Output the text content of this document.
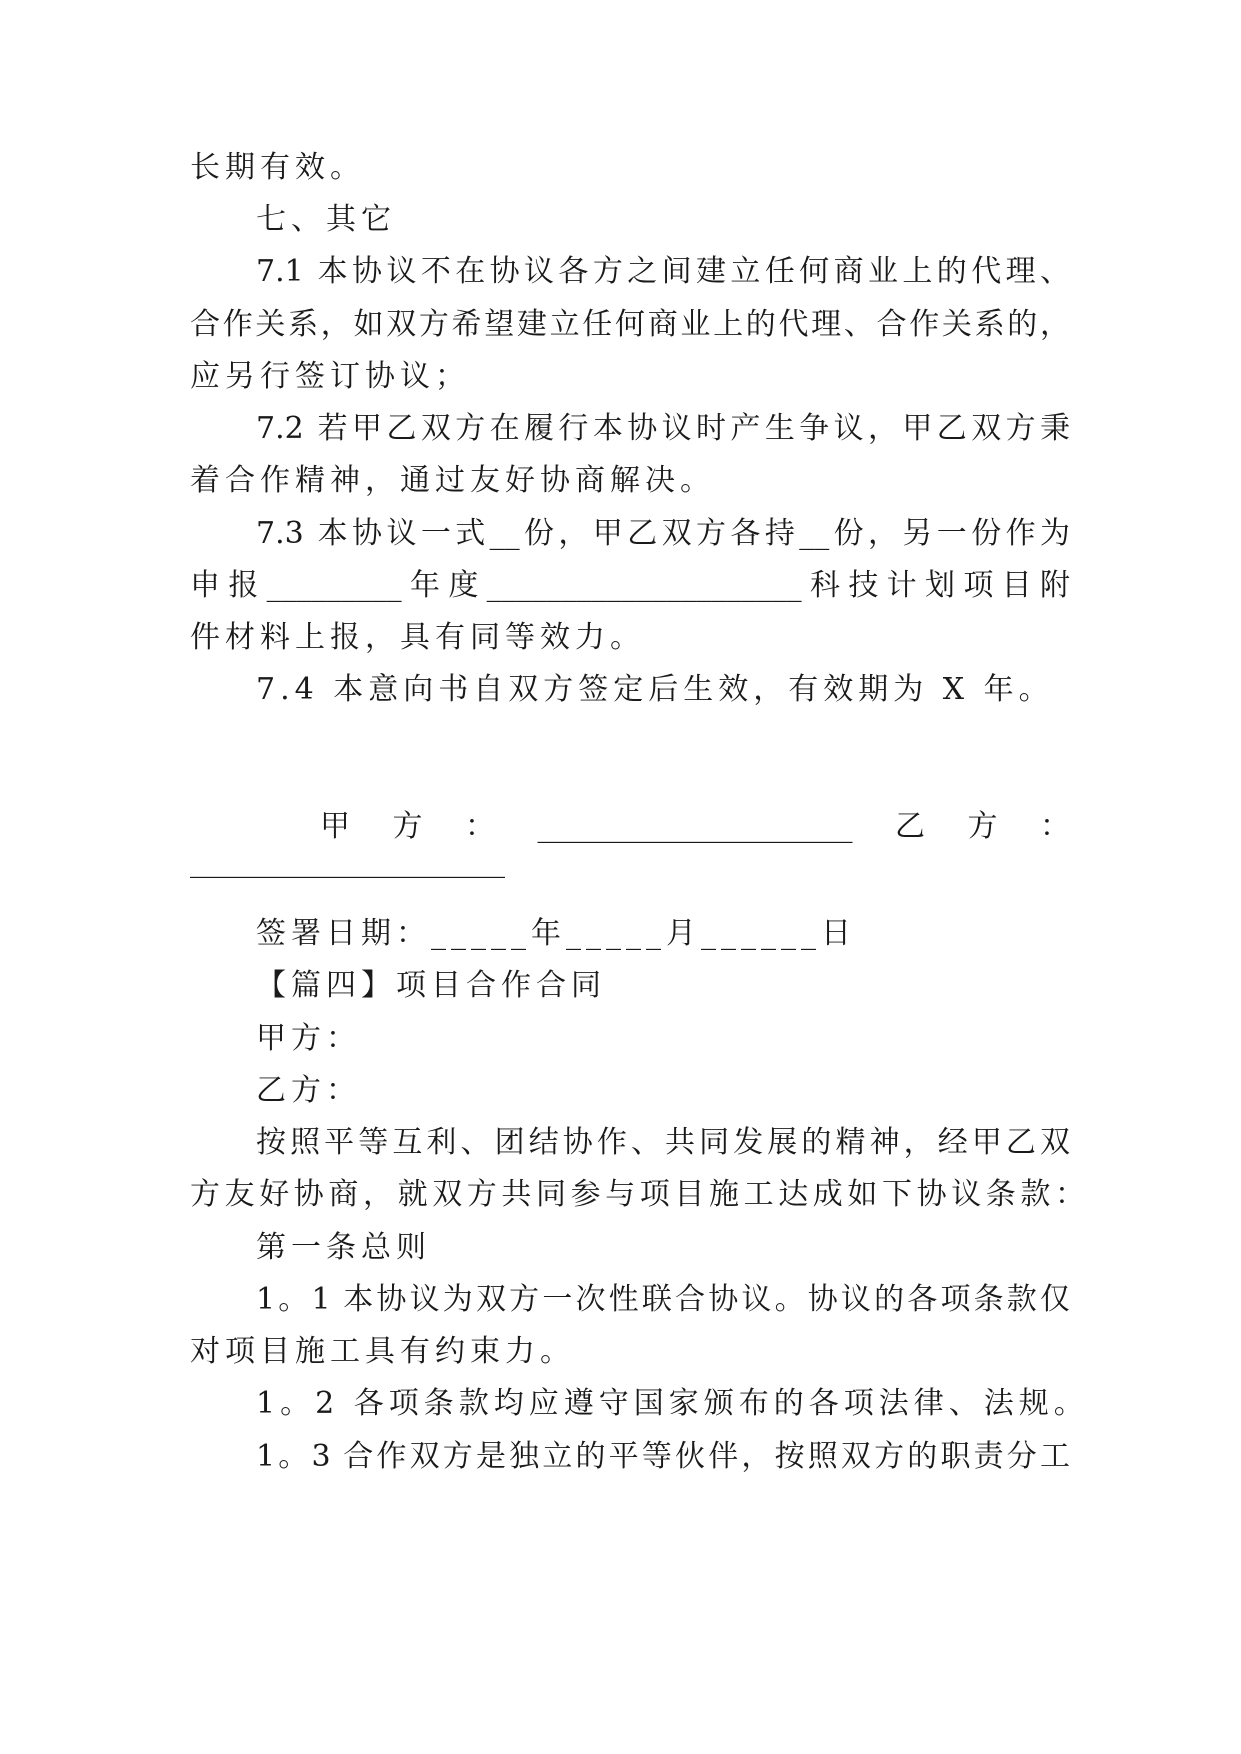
长期有效。
七、其它
7.1 本协议不在协议各方之间建立任何商业上的代理、
合作关系，如双方希望建立任何商业上的代理、合作关系的，
应另行签订协议；
7.2 若甲乙双方在履行本协议时产生争议，甲乙双方秉
着合作精神，通过友好协商解决。
7.3 本协议一式__份，甲乙双方各持__份，另一份作为
申报_________年度_____________________科技计划项目附
件材料上报，具有同等效力。
7.4 本意向书自双方签定后生效，有效期为 X 年。
甲 方 ： _____________________ 乙 方 ：
_____________________
签署日期：_____年_____月______日
【篇四】项目合作合同
甲方：
乙方：
按照平等互利、团结协作、共同发展的精神，经甲乙双
方友好协商，就双方共同参与项目施工达成如下协议条款：
第一条总则
1。1 本协议为双方一次性联合协议。协议的各项条款仅
对项目施工具有约束力。
1。2 各项条款均应遵守国家颁布的各项法律、法规。
1。3 合作双方是独立的平等伙伴，按照双方的职责分工
